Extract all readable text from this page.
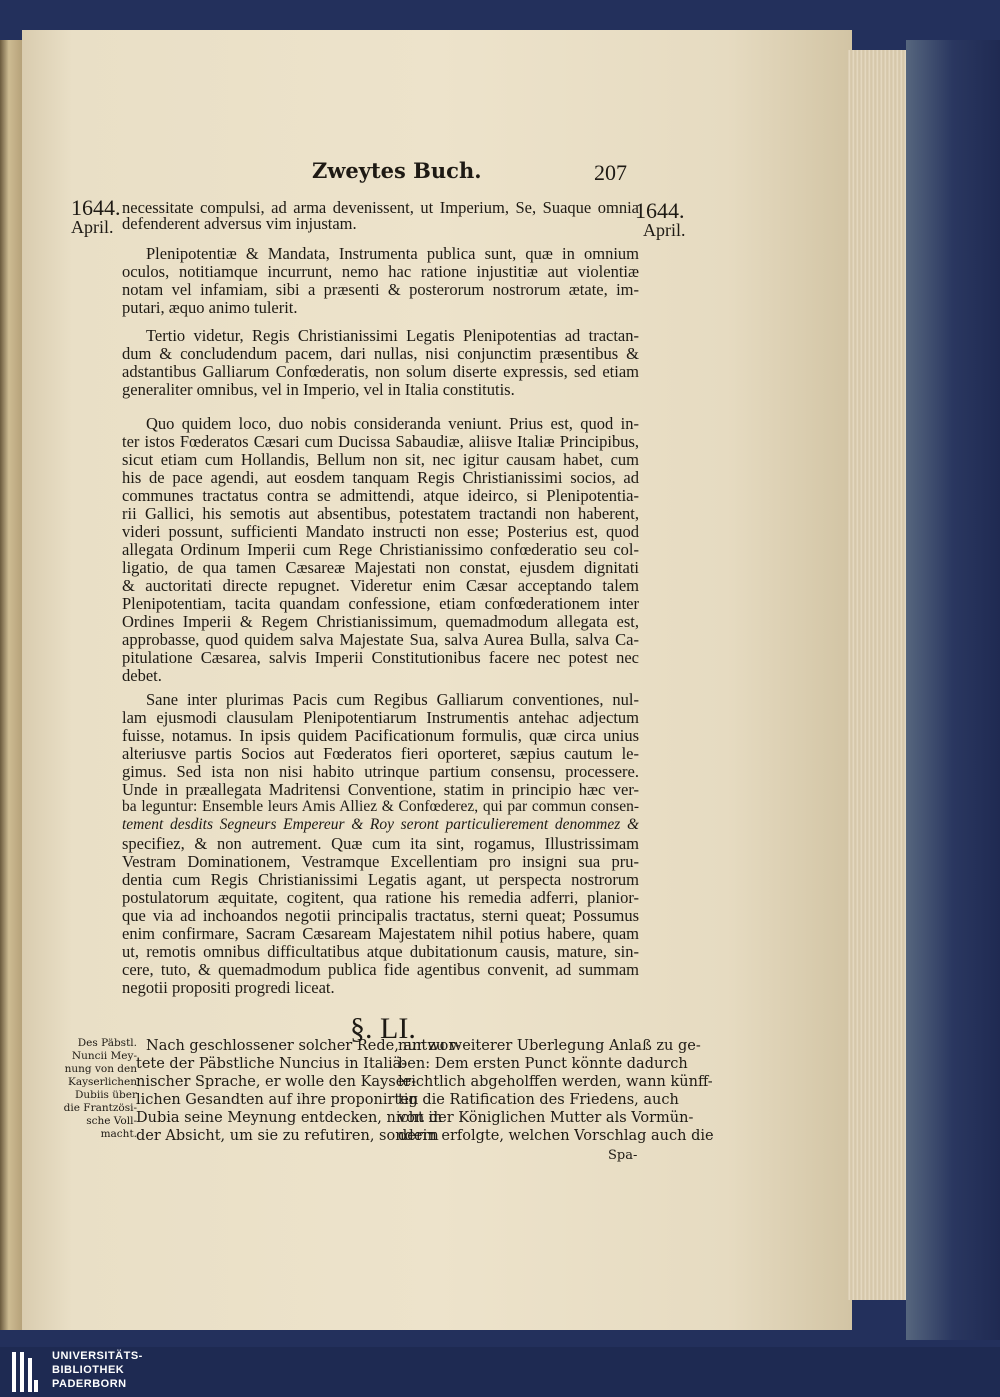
Zweytes Buch.	207
1644.
April.
1644.
April.
necessitate compulsi, ad arma devenissent, ut Imperium, Se, Suaque omnia
defenderent adversus vim injustam.
Plenipotentiæ & Mandata, Instrumenta publica sunt, quæ in omnium
oculos, notitiamque incurrunt, nemo hac ratione injustitiæ aut violentiæ
notam vel infamiam, sibi a præsenti & posterorum nostrorum ætate, im-
putari, æquo animo tulerit.
Tertio videtur, Regis Christianissimi Legatis Plenipotentias ad tractan-
dum & concludendum pacem, dari nullas, nisi conjunctim præsentibus &
adstantibus Galliarum Confœderatis, non solum diserte expressis, sed etiam
generaliter omnibus, vel in Imperio, vel in Italia constitutis.
Quo quidem loco, duo nobis consideranda veniunt. Prius est, quod in-
ter istos Fœderatos Cæsari cum Ducissa Sabaudiæ, aliisve Italiæ Principibus,
sicut etiam cum Hollandis, Bellum non sit, nec igitur causam habet, cum
his de pace agendi, aut eosdem tanquam Regis Christianissimi socios, ad
communes tractatus contra se admittendi, atque ideirco, si Plenipotentia-
rii Gallici, his semotis aut absentibus, potestatem tractandi non haberent,
videri possunt, sufficienti Mandato instructi non esse; Posterius est, quod
allegata Ordinum Imperii cum Rege Christianissimo confœderatio seu col-
ligatio, de qua tamen Cæsareæ Majestati non constat, ejusdem dignitati
& auctoritati directe repugnet. Videretur enim Cæsar acceptando talem
Plenipotentiam, tacita quandam confessione, etiam confœderationem inter
Ordines Imperii & Regem Christianissimum, quemadmodum allegata est,
approbasse, quod quidem salva Majestate Sua, salva Aurea Bulla, salva Ca-
pitulatione Cæsarea, salvis Imperii Constitutionibus facere nec potest nec
debet.
Sane inter plurimas Pacis cum Regibus Galliarum conventiones, nul-
lam ejusmodi clausulam Plenipotentiarum Instrumentis antehac adjectum
fuisse, notamus. In ipsis quidem Pacificationum formulis, quæ circa unius
alteriusve partis Socios aut Fœderatos fieri oporteret, sæpius cautum le-
gimus. Sed ista non nisi habito utrinque partium consensu, processere.
Unde in præallegata Madritensi Conventione, statim in principio hæc ver-
ba leguntur: Ensemble leurs Amis Alliez & Confœderez, qui par commun consen-
tement desdits Segneurs Empereur & Roy seront particulierement denommez &
specifiez, & non autrement. Quæ cum ita sint, rogamus, Illustrissimam
Vestram Dominationem, Vestramque Excellentiam pro insigni sua pru-
dentia cum Regis Christianissimi Legatis agant, ut perspecta nostrorum
postulatorum æquitate, cogitent, qua ratione his remedia adferri, planior-
que via ad inchoandos negotii principalis tractatus, sterni queat; Possumus
enim confirmare, Sacram Cæsaream Majestatem nihil potius habere, quam
ut, remotis omnibus difficultatibus atque dubitationum causis, mature, sin-
cere, tuto, & quemadmodum publica fide agentibus convenit, ad summam
negotii propositi progredi liceat.
§. LI.
Des Päbstl.
Nuncii Mey-
nung von den
Kayserlichen
Dubiis über
die Frantzösi-
sche Voll-
macht.
Nach geschlossener solcher Rede, antwor-
tete der Päbstliche Nuncius in Italiä-
nischer Sprache, er wolle den Kayser-
lichen Gesandten auf ihre proponirten
Dubia seine Meynung entdecken, nicht in
der Absicht, um sie zu refutiren, sondern
nur zu weiterer Uberlegung Anlaß zu ge-
ben: Dem ersten Punct könnte dadurch
leichtlich abgeholffen werden, wann künff-
tig die Ratification des Friedens, auch
von der Königlichen Mutter als Vormün-
derin erfolgte, welchen Vorschlag auch die
Spa-
UNIVERSITÄTS-
BIBLIOTHEK
PADERBORN
